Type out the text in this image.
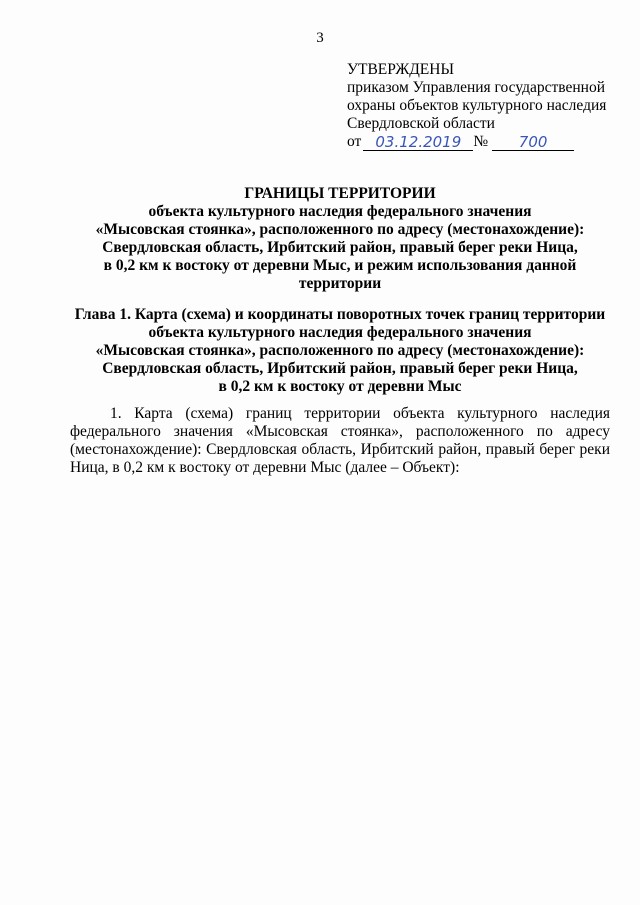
3
УТВЕРЖДЕНЫ
приказом Управления государственной
охраны объектов культурного наследия
Свердловской области
от 03.12.2019 №	700
ГРАНИЦЫ ТЕРРИТОРИИ
объекта культурного наследия федерального значения
«Мысовская стоянка», расположенного по адресу (местонахождение):
Свердловская область, Ирбитский район, правый берег реки Ница,
в 0,2 км к востоку от деревни Мыс, и режим использования данной
территории
Глава 1. Карта (схема) и координаты поворотных точек границ территории
объекта культурного наследия федерального значения
«Мысовская стоянка», расположенного по адресу (местонахождение):
Свердловская область, Ирбитский район, правый берег реки Ница,
в 0,2 км к востоку от деревни Мыс
1. Карта (схема) границ территории объекта культурного наследия федерального значения «Мысовская стоянка», расположенного по адресу (местонахождение): Свердловская область, Ирбитский район, правый берег реки Ница, в 0,2 км к востоку от деревни Мыс (далее – Объект):
